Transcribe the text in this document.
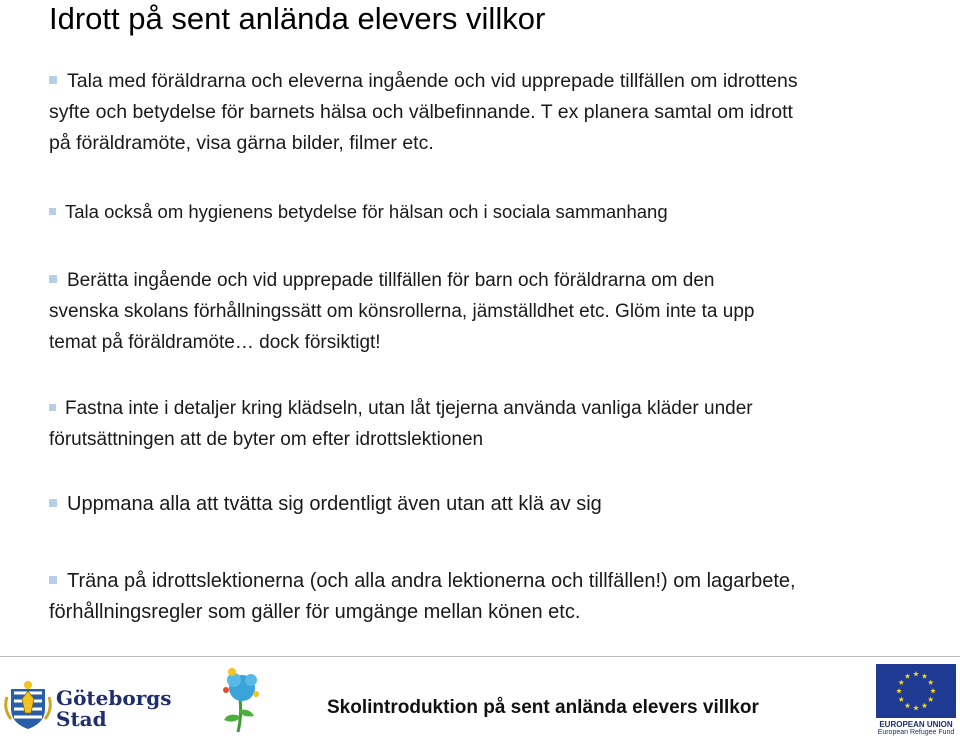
Idrott på sent anlända elevers villkor
Tala med föräldrarna och eleverna ingående och vid upprepade tillfällen om idrottens
syfte och betydelse för barnets hälsa och välbefinnande. T ex planera samtal om idrott
på föräldramöte, visa gärna bilder, filmer etc.
Tala också om hygienens betydelse för hälsan och i sociala sammanhang
Berätta ingående och vid upprepade tillfällen för barn och föräldrarna om den
svenska skolans förhållningssätt om könsrollerna, jämställdhet etc. Glöm inte ta upp
temat på föräldramöte… dock försiktigt!
Fastna inte i detaljer kring klädseln, utan låt tjejerna använda vanliga kläder under
förutsättningen att de byter om efter idrottslektionen
Uppmana alla att tvätta sig ordentligt även utan att klä av sig
Träna på idrottslektionerna (och alla andra lektionerna och tillfällen!) om lagarbete,
förhållningsregler som gäller för umgänge mellan könen etc.
Göteborgs
Stad	Skolintroduktion på sent anlända elevers villkor
EUROPEAN UNION
European Refugee Fund
